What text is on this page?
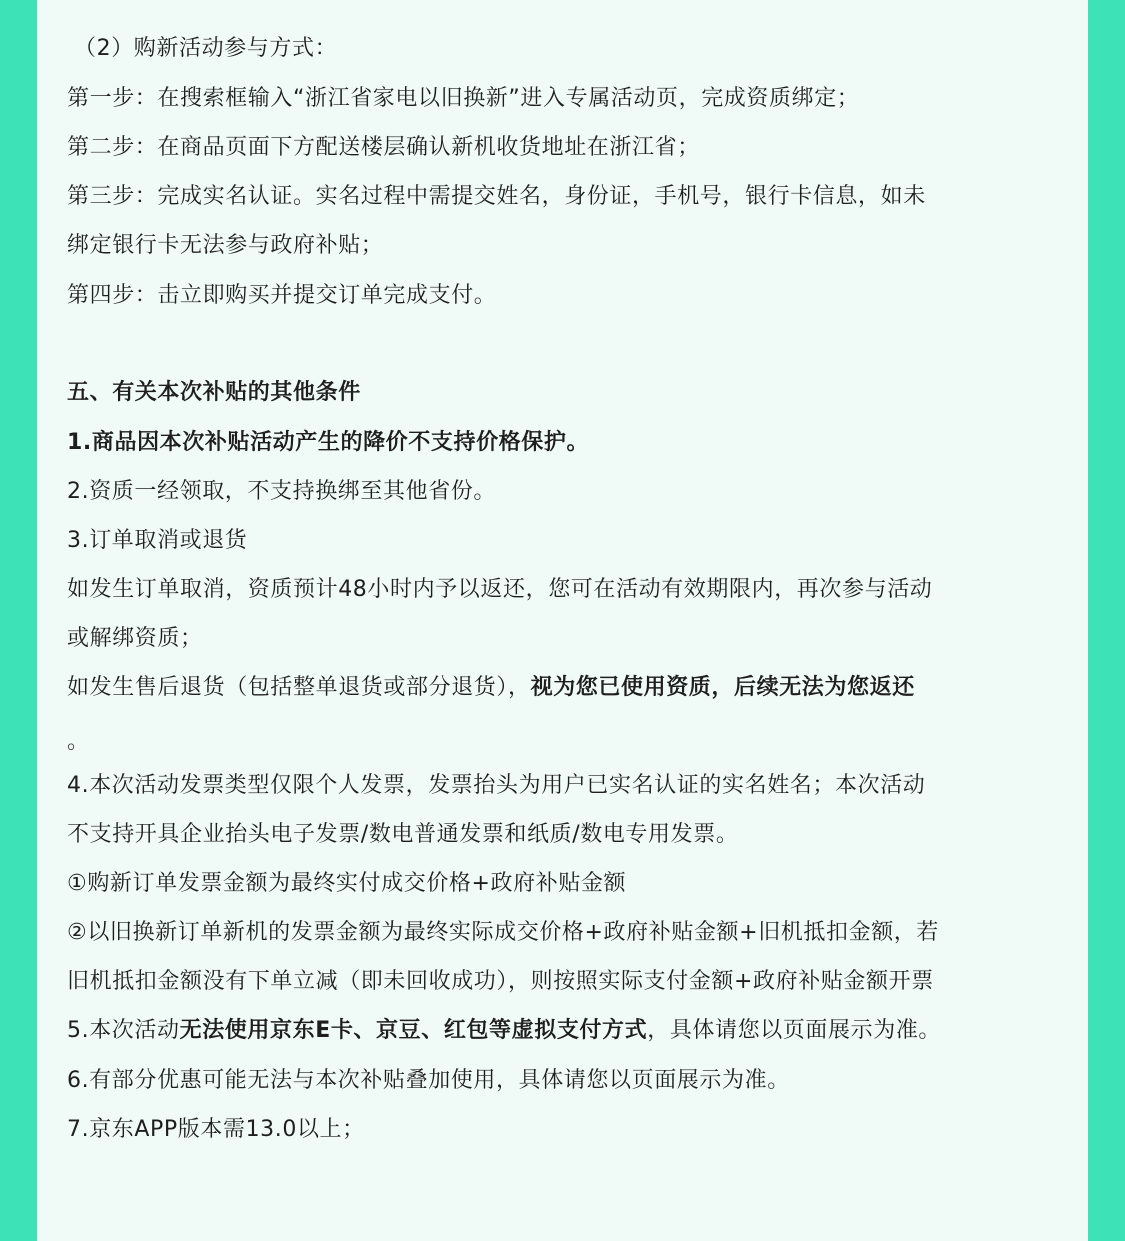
（2）购新活动参与方式：
第一步：在搜索框输入“浙江省家电以旧换新”进入专属活动页，完成资质绑定；
第二步：在商品页面下方配送楼层确认新机收货地址在浙江省；
第三步：完成实名认证。实名过程中需提交姓名，身份证，手机号，银行卡信息，如未
绑定银行卡无法参与政府补贴；
第四步：击立即购买并提交订单完成支付。
五、有关本次补贴的其他条件
1.商品因本次补贴活动产生的降价不支持价格保护。
2.资质一经领取，不支持换绑至其他省份。
3.订单取消或退货
如发生订单取消，资质预计48小时内予以返还，您可在活动有效期限内，再次参与活动
或解绑资质；
如发生售后退货（包括整单退货或部分退货），视为您已使用资质，后续无法为您返还
。
4.本次活动发票类型仅限个人发票，发票抬头为用户已实名认证的实名姓名；本次活动
不支持开具企业抬头电子发票/数电普通发票和纸质/数电专用发票。
①购新订单发票金额为最终实付成交价格+政府补贴金额
②以旧换新订单新机的发票金额为最终实际成交价格+政府补贴金额+旧机抵扣金额，若
旧机抵扣金额没有下单立减（即未回收成功），则按照实际支付金额+政府补贴金额开票
5.本次活动无法使用京东E卡、京豆、红包等虚拟支付方式，具体请您以页面展示为准。
6.有部分优惠可能无法与本次补贴叠加使用，具体请您以页面展示为准。
7.京东APP版本需13.0以上；
